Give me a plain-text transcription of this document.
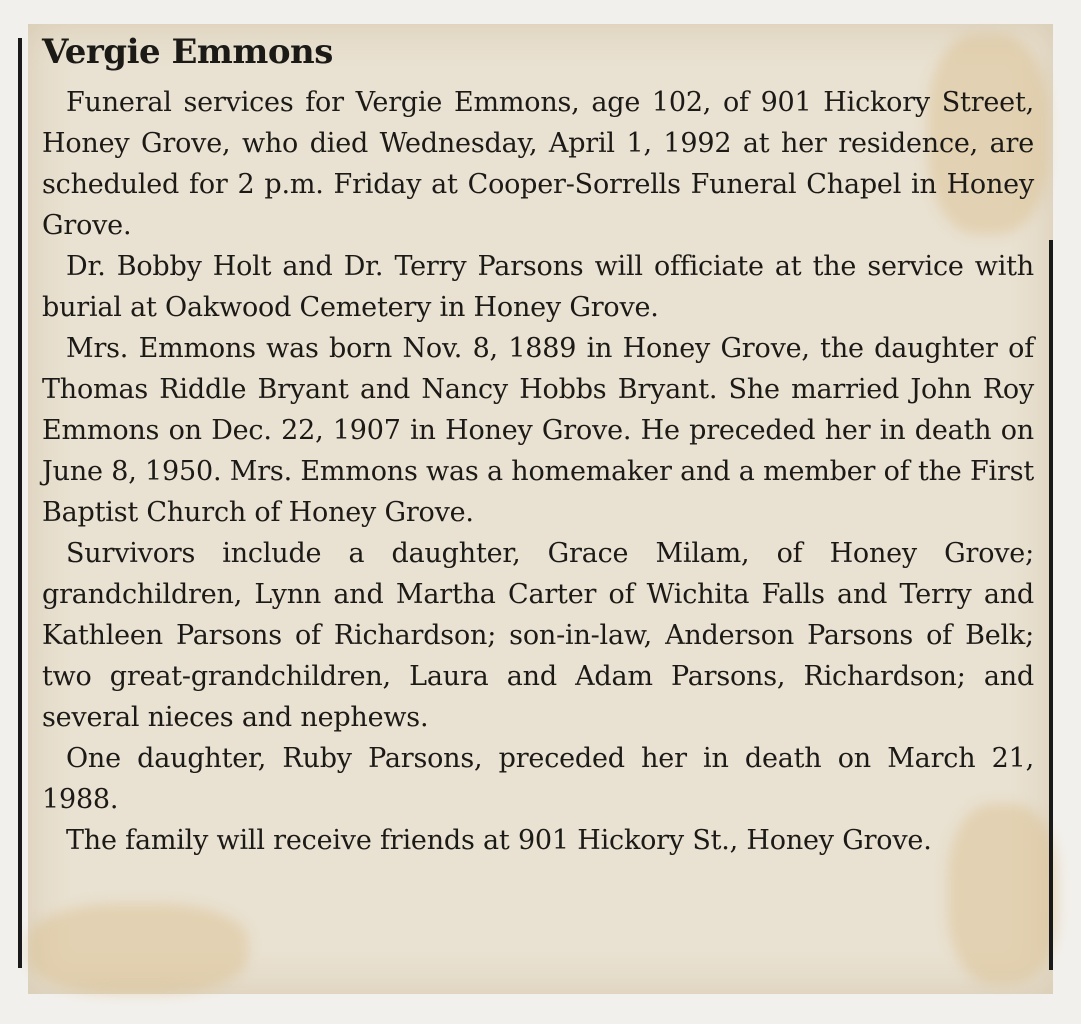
Vergie Emmons

Funeral services for Vergie Emmons, age 102, of 901 Hickory Street, Honey Grove, who died Wednesday, April 1, 1992 at her residence, are scheduled for 2 p.m. Friday at Cooper-Sorrells Funeral Chapel in Honey Grove.

Dr. Bobby Holt and Dr. Terry Parsons will officiate at the service with burial at Oakwood Cemetery in Honey Grove.

Mrs. Emmons was born Nov. 8, 1889 in Honey Grove, the daughter of Thomas Riddle Bryant and Nancy Hobbs Bryant. She married John Roy Emmons on Dec. 22, 1907 in Honey Grove. He preceded her in death on June 8, 1950. Mrs. Emmons was a homemaker and a member of the First Baptist Church of Honey Grove.

Survivors include a daughter, Grace Milam, of Honey Grove; grandchildren, Lynn and Martha Carter of Wichita Falls and Terry and Kathleen Parsons of Richardson; son-in-law, Anderson Parsons of Belk; two great-grandchildren, Laura and Adam Parsons, Richardson; and several nieces and nephews.

One daughter, Ruby Parsons, preceded her in death on March 21, 1988.

The family will receive friends at 901 Hickory St., Honey Grove.
